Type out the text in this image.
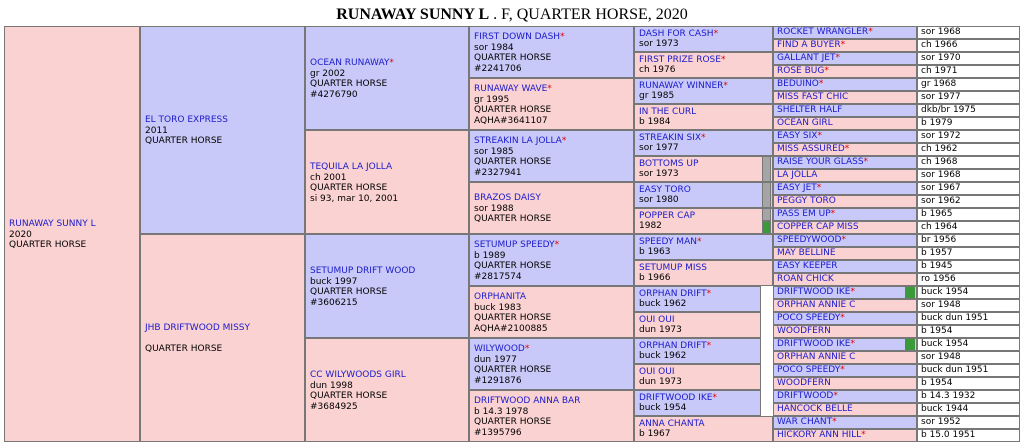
RUNAWAY SUNNY L . F, QUARTER HORSE, 2020
RUNAWAY SUNNY L
2020
QUARTER HORSE
EL TORO EXPRESS
2011
QUARTER HORSE
JHB DRIFTWOOD MISSY
QUARTER HORSE
OCEAN RUNAWAY*
gr 2002
QUARTER HORSE
#4276790
TEQUILA LA JOLLA
ch 2001
QUARTER HORSE
si 93, mar 10, 2001
SETUMUP DRIFT WOOD
buck 1997
QUARTER HORSE
#3606215
CC WILYWOODS GIRL
dun 1998
QUARTER HORSE
#3684925
FIRST DOWN DASH*
sor 1984
QUARTER HORSE
#2241706
RUNAWAY WAVE*
gr 1995
QUARTER HORSE
AQHA#3641107
STREAKIN LA JOLLA*
sor 1985
QUARTER HORSE
#2327941
BRAZOS DAISY
sor 1988
QUARTER HORSE
SETUMUP SPEEDY*
b 1989
QUARTER HORSE
#2817574
ORPHANITA
buck 1983
QUARTER HORSE
AQHA#2100885
WILYWOOD*
dun 1977
QUARTER HORSE
#1291876
DRIFTWOOD ANNA BAR
b 14.3 1978
QUARTER HORSE
#1395796
DASH FOR CASH*
sor 1973
FIRST PRIZE ROSE*
ch 1976
RUNAWAY WINNER*
gr 1985
IN THE CURL
b 1984
STREAKIN SIX*
sor 1977
BOTTOMS UP
sor 1973
EASY TORO
sor 1980
POPPER CAP
1982
SPEEDY MAN*
b 1963
SETUMUP MISS
b 1966
ORPHAN DRIFT*
buck 1962
OUI OUI
dun 1973
ORPHAN DRIFT*
buck 1962
OUI OUI
dun 1973
DRIFTWOOD IKE*
buck 1954
ANNA CHANTA
b 1967
ROCKET WRANGLER*	sor 1968
FIND A BUYER*	ch 1966
GALLANT JET*	sor 1970
ROSE BUG*	ch 1971
BEDUINO*	gr 1968
MISS FAST CHIC	sor 1977
SHELTER HALF	dkb/br 1975
OCEAN GIRL	b 1979
EASY SIX*	sor 1972
MISS ASSURED*	ch 1962
RAISE YOUR GLASS*	ch 1968
LA JOLLA	sor 1968
EASY JET*	sor 1967
PEGGY TORO	sor 1962
PASS EM UP*	b 1965
COPPER CAP MISS	ch 1964
SPEEDYWOOD*	br 1956
MAY BELLINE	b 1957
EASY KEEPER	b 1945
ROAN CHICK	ro 1956
DRIFTWOOD IKE*	buck 1954
ORPHAN ANNIE C	sor 1948
POCO SPEEDY*	buck dun 1951
WOODFERN	b 1954
DRIFTWOOD IKE*	buck 1954
ORPHAN ANNIE C	sor 1948
POCO SPEEDY*	buck dun 1951
WOODFERN	b 1954
DRIFTWOOD*	b 14.3 1932
HANCOCK BELLE	buck 1944
WAR CHANT*	sor 1952
HICKORY ANN HILL*	b 15.0 1951
